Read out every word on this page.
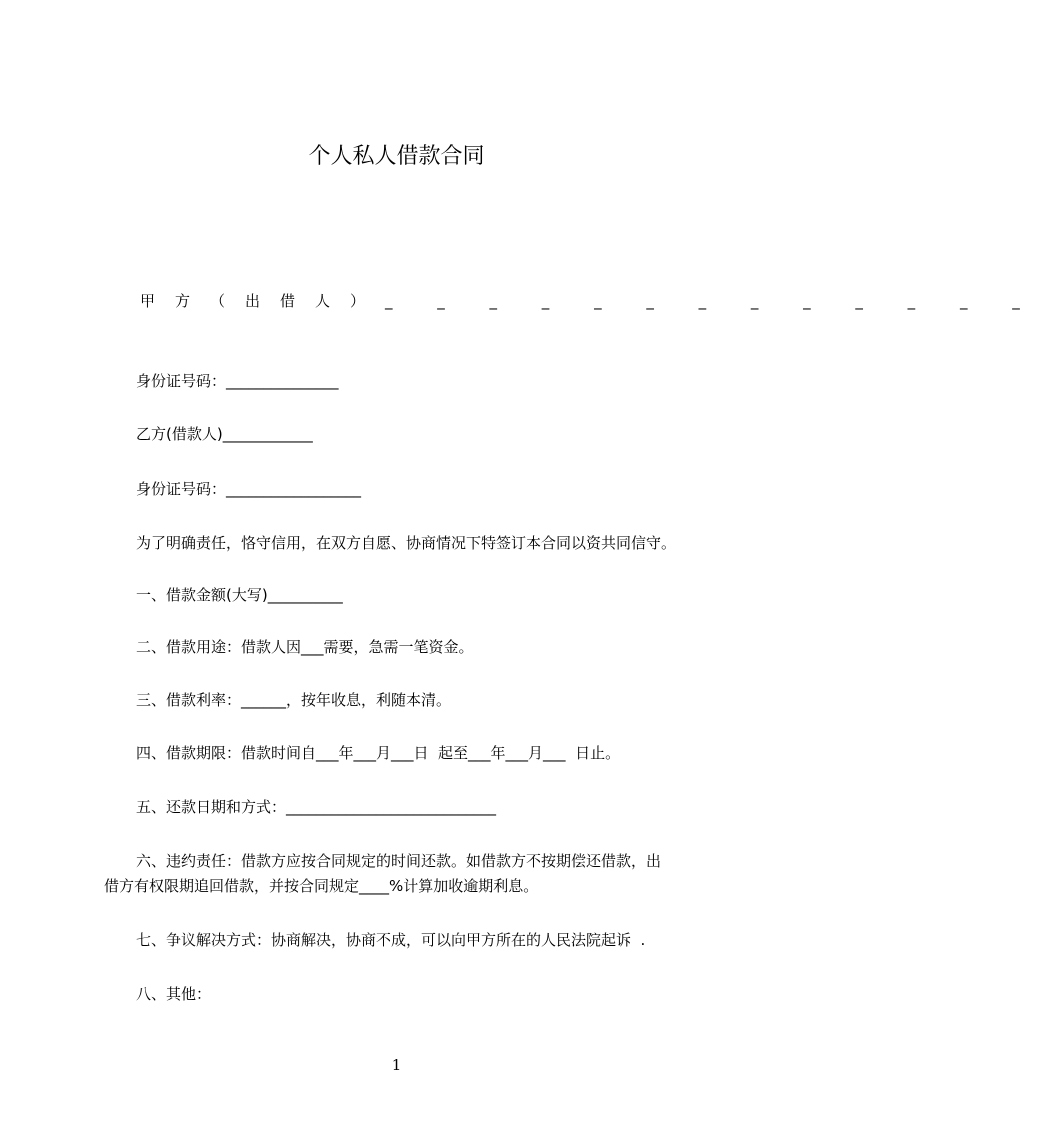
个人私人借款合同
甲方（出借人）_ _ _ _ _ _ _ _ _ _ _ _ _
身份证号码：_______________
乙方(借款人)____________
身份证号码：__________________
为了明确责任，恪守信用，在双方自愿、协商情况下特签订本合同以资共同信守。
一、借款金额(大写)__________
二、借款用途：借款人因___需要，急需一笔资金。
三、借款利率：______，按年收息，利随本清。
四、借款期限：借款时间自___年___月___日  起至___年___月___  日止。
五、还款日期和方式：____________________________
六、违约责任：借款方应按合同规定的时间还款。如借款方不按期偿还借款，出
借方有权限期追回借款，并按合同规定____%计算加收逾期利息。
七、争议解决方式：协商解决，协商不成，可以向甲方所在的人民法院起诉  .
八、其他：
1
